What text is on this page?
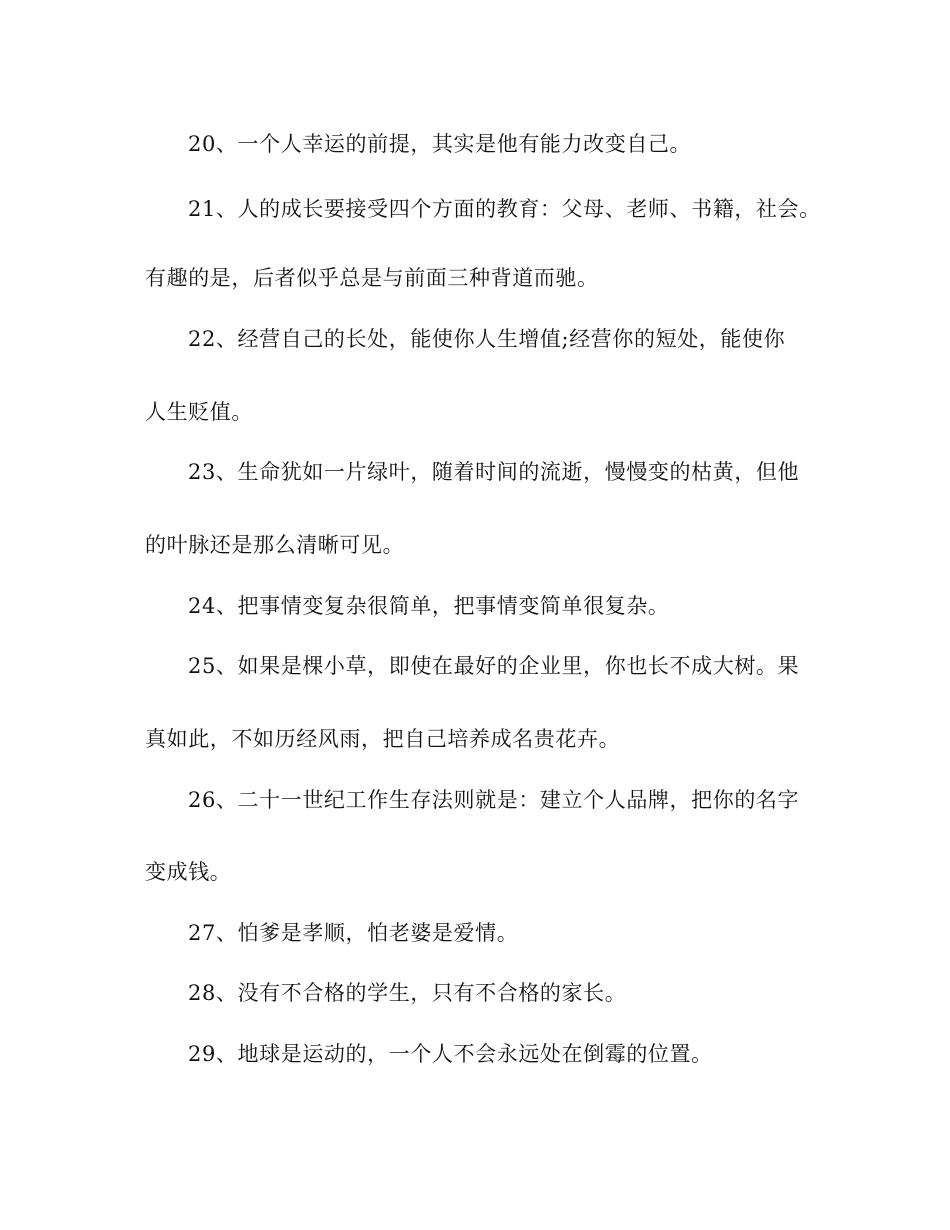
20、一个人幸运的前提，其实是他有能力改变自己。
21、人的成长要接受四个方面的教育：父母、老师、书籍，社会。
有趣的是，后者似乎总是与前面三种背道而驰。
22、经营自己的长处，能使你人生增值;经营你的短处，能使你
人生贬值。
23、生命犹如一片绿叶，随着时间的流逝，慢慢变的枯黄，但他
的叶脉还是那么清晰可见。
24、把事情变复杂很简单，把事情变简单很复杂。
25、如果是棵小草，即使在最好的企业里，你也长不成大树。果
真如此，不如历经风雨，把自己培养成名贵花卉。
26、二十一世纪工作生存法则就是：建立个人品牌，把你的名字
变成钱。
27、怕爹是孝顺，怕老婆是爱情。
28、没有不合格的学生，只有不合格的家长。
29、地球是运动的，一个人不会永远处在倒霉的位置。
